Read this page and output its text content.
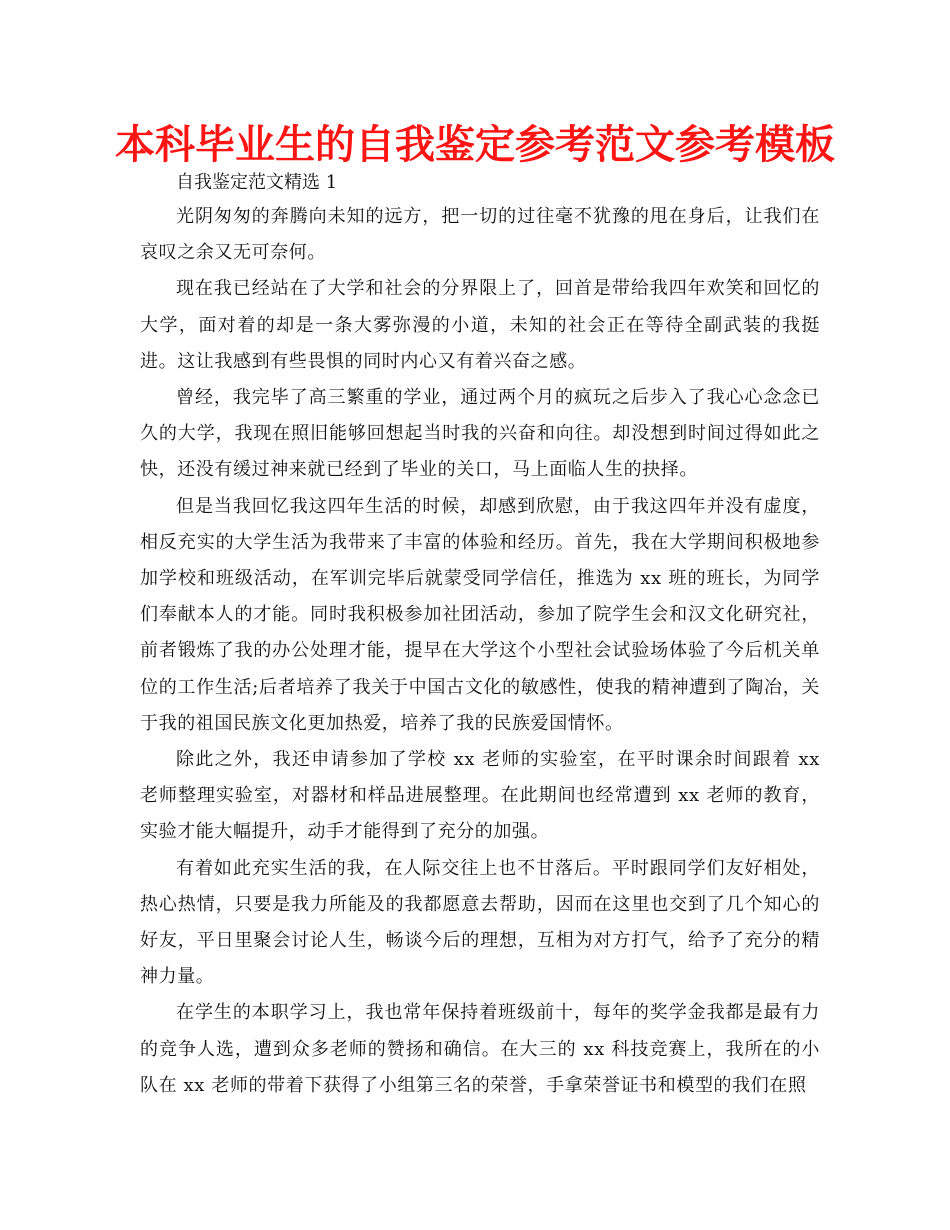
本科毕业生的自我鉴定参考范文参考模板
自我鉴定范文精选 1

光阴匆匆的奔腾向未知的远方，把一切的过往毫不犹豫的甩在身后，让我们在哀叹之余又无可奈何。

现在我已经站在了大学和社会的分界限上了，回首是带给我四年欢笑和回忆的大学，面对着的却是一条大雾弥漫的小道，未知的社会正在等待全副武装的我挺进。这让我感到有些畏惧的同时内心又有着兴奋之感。

曾经，我完毕了高三繁重的学业，通过两个月的疯玩之后步入了我心心念念已久的大学，我现在照旧能够回想起当时我的兴奋和向往。却没想到时间过得如此之快，还没有缓过神来就已经到了毕业的关口，马上面临人生的抉择。

但是当我回忆我这四年生活的时候，却感到欣慰，由于我这四年并没有虚度，相反充实的大学生活为我带来了丰富的体验和经历。首先，我在大学期间积极地参加学校和班级活动，在军训完毕后就蒙受同学信任，推选为 xx 班的班长，为同学们奉献本人的才能。同时我积极参加社团活动，参加了院学生会和汉文化研究社，前者锻炼了我的办公处理才能，提早在大学这个小型社会试验场体验了今后机关单位的工作生活;后者培养了我关于中国古文化的敏感性，使我的精神遭到了陶冶，关于我的祖国民族文化更加热爱，培养了我的民族爱国情怀。

除此之外，我还申请参加了学校 xx 老师的实验室，在平时课余时间跟着 xx 老师整理实验室，对器材和样品进展整理。在此期间也经常遭到 xx 老师的教育，实验才能大幅提升，动手才能得到了充分的加强。

有着如此充实生活的我，在人际交往上也不甘落后。平时跟同学们友好相处，热心热情，只要是我力所能及的我都愿意去帮助，因而在这里也交到了几个知心的好友，平日里聚会讨论人生，畅谈今后的理想，互相为对方打气，给予了充分的精神力量。

在学生的本职学习上，我也常年保持着班级前十，每年的奖学金我都是最有力的竞争人选，遭到众多老师的赞扬和确信。在大三的 xx 科技竞赛上，我所在的小队在 xx 老师的带着下获得了小组第三名的荣誉，手拿荣誉证书和模型的我们在照
